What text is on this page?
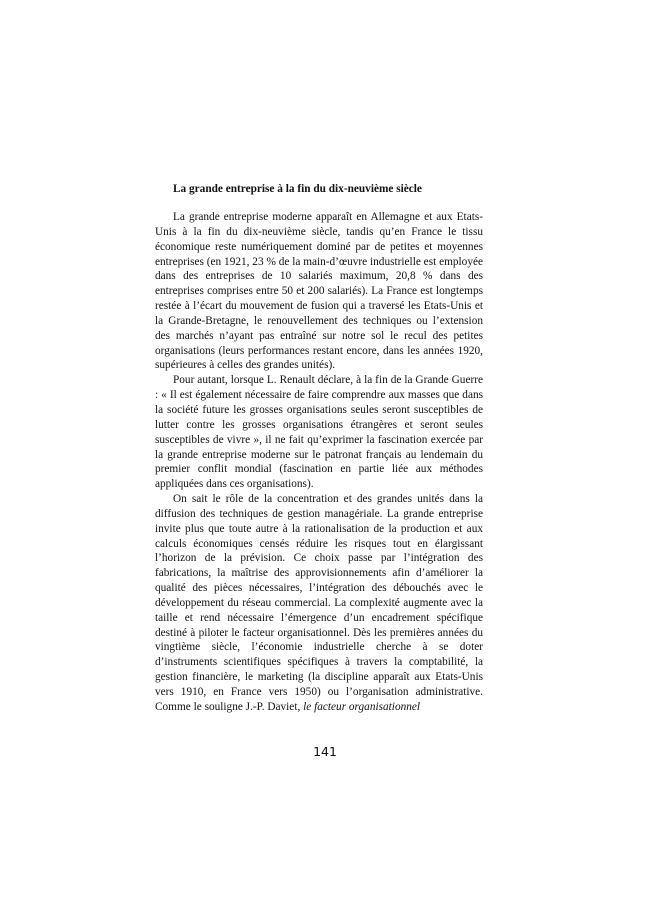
La grande entreprise à la fin du dix-neuvième siècle

La grande entreprise moderne apparaît en Allemagne et aux Etats-Unis à la fin du dix-neuvième siècle, tandis qu’en France le tissu économique reste numériquement dominé par de petites et moyennes entreprises (en 1921, 23 % de la main-d’œuvre industrielle est employée dans des entreprises de 10 salariés maximum, 20,8 % dans des entreprises comprises entre 50 et 200 salariés). La France est longtemps restée à l’écart du mouvement de fusion qui a traversé les Etats-Unis et la Grande-Bretagne, le renouvellement des techniques ou l’extension des marchés n’ayant pas entraîné sur notre sol le recul des petites organisations (leurs performances restant encore, dans les années 1920, supérieures à celles des grandes unités).

Pour autant, lorsque L. Renault déclare, à la fin de la Grande Guerre : « Il est également nécessaire de faire comprendre aux masses que dans la société future les grosses organisations seules seront susceptibles de lutter contre les grosses organisations étrangères et seront seules susceptibles de vivre », il ne fait qu’exprimer la fascination exercée par la grande entreprise moderne sur le patronat français au lendemain du premier conflit mondial (fascination en partie liée aux méthodes appliquées dans ces organisations).

On sait le rôle de la concentration et des grandes unités dans la diffusion des techniques de gestion managériale. La grande entreprise invite plus que toute autre à la rationalisation de la production et aux calculs économiques censés réduire les risques tout en élargissant l’horizon de la prévision. Ce choix passe par l’intégration des fabrications, la maîtrise des approvisionnements afin d’améliorer la qualité des pièces nécessaires, l’intégration des débouchés avec le développement du réseau commercial. La complexité augmente avec la taille et rend nécessaire l’émergence d’un encadrement spécifique destiné à piloter le facteur organisationnel. Dès les premières années du vingtième siècle, l’économie industrielle cherche à se doter d’instruments scientifiques spécifiques à travers la comptabilité, la gestion financière, le marketing (la discipline apparaît aux Etats-Unis vers 1910, en France vers 1950) ou l’organisation administrative. Comme le souligne J.-P. Daviet, le facteur organisationnel

141
